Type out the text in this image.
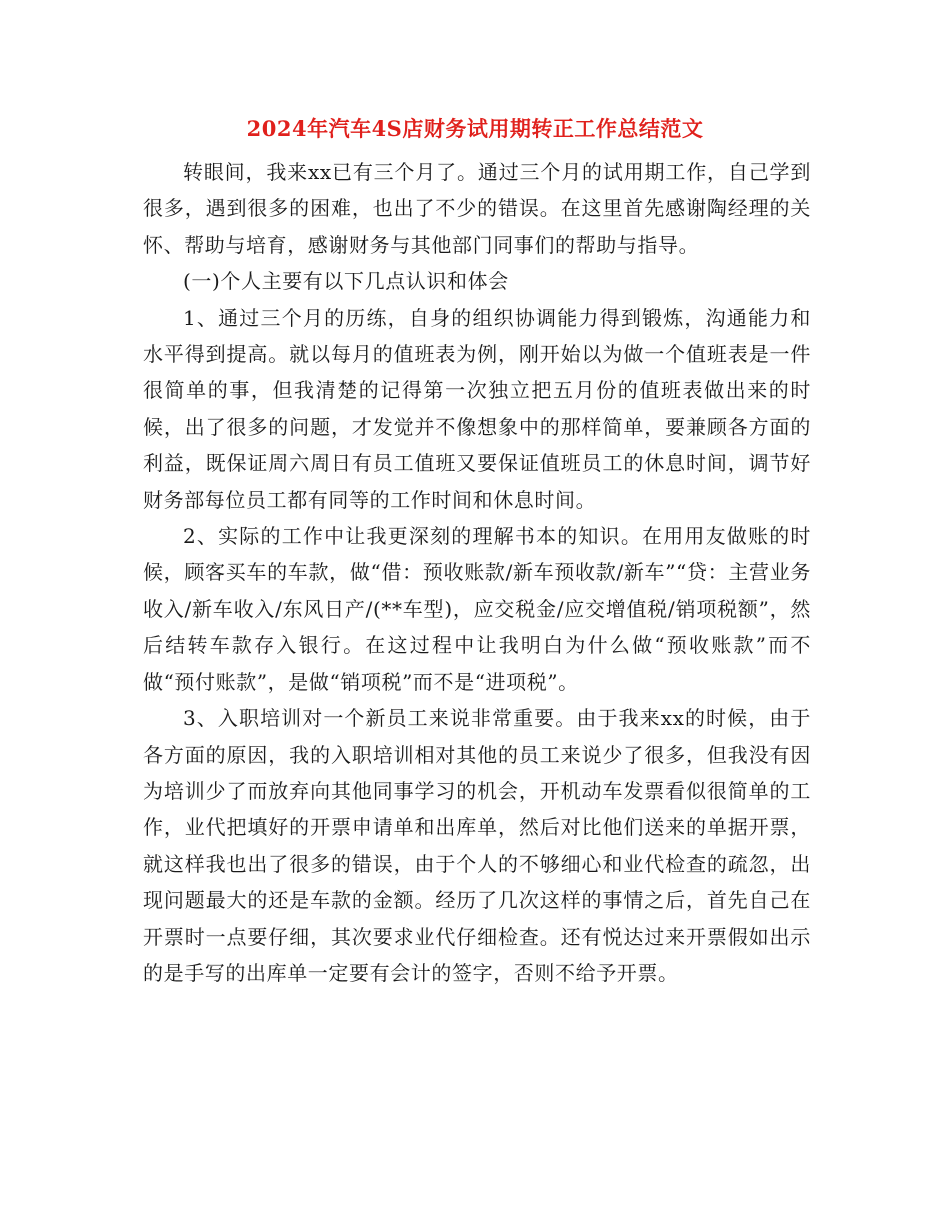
2024年汽车4S店财务试用期转正工作总结范文

转眼间，我来xx已有三个月了。通过三个月的试用期工作，自己学到很多，遇到很多的困难，也出了不少的错误。在这里首先感谢陶经理的关怀、帮助与培育，感谢财务与其他部门同事们的帮助与指导。

(一)个人主要有以下几点认识和体会

1、通过三个月的历练，自身的组织协调能力得到锻炼，沟通能力和水平得到提高。就以每月的值班表为例，刚开始以为做一个值班表是一件很简单的事，但我清楚的记得第一次独立把五月份的值班表做出来的时候，出了很多的问题，才发觉并不像想象中的那样简单，要兼顾各方面的利益，既保证周六周日有员工值班又要保证值班员工的休息时间，调节好财务部每位员工都有同等的工作时间和休息时间。

2、实际的工作中让我更深刻的理解书本的知识。在用用友做账的时候，顾客买车的车款，做“借：预收账款/新车预收款/新车”“贷：主营业务收入/新车收入/东风日产/(**车型)，应交税金/应交增值税/销项税额”，然后结转车款存入银行。在这过程中让我明白为什么做“预收账款”而不做“预付账款”，是做“销项税”而不是“进项税”。

3、入职培训对一个新员工来说非常重要。由于我来xx的时候，由于各方面的原因，我的入职培训相对其他的员工来说少了很多，但我没有因为培训少了而放弃向其他同事学习的机会，开机动车发票看似很简单的工作，业代把填好的开票申请单和出库单，然后对比他们送来的单据开票，就这样我也出了很多的错误，由于个人的不够细心和业代检查的疏忽，出现问题最大的还是车款的金额。经历了几次这样的事情之后，首先自己在开票时一点要仔细，其次要求业代仔细检查。还有悦达过来开票假如出示的是手写的出库单一定要有会计的签字，否则不给予开票。
